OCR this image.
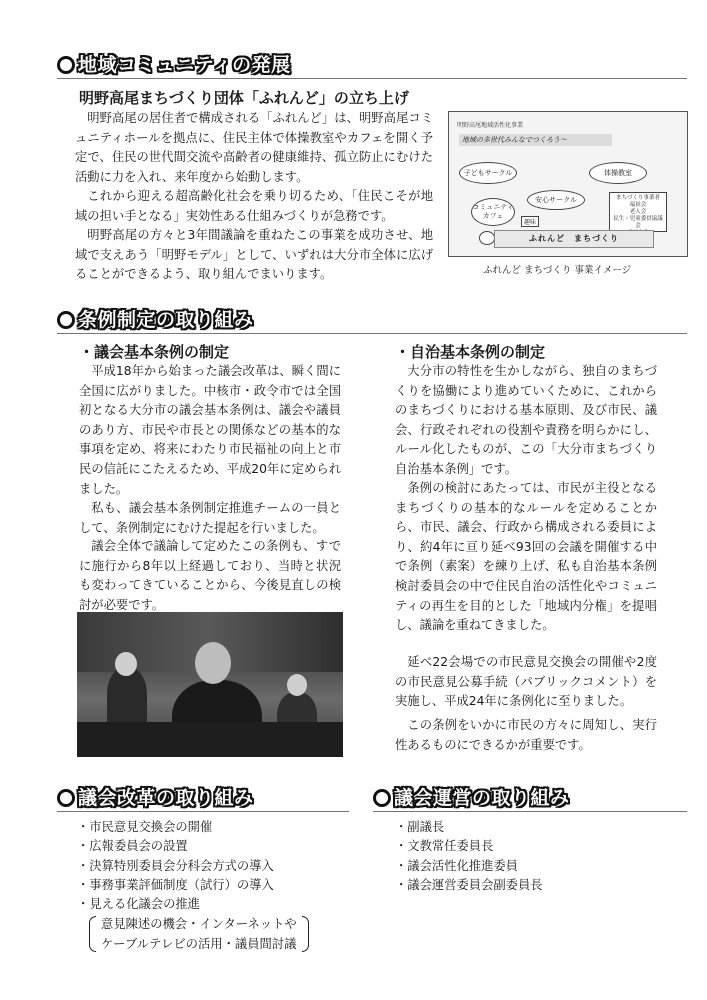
地域コミュニティの発展
明野高尾まちづくり団体「ふれんど」の立ち上げ

明野高尾の居住者で構成される「ふれんど」は、明野高尾コミュニティホールを拠点に、住民主体で体操教室やカフェを開く予定で、住民の世代間交流や高齢者の健康維持、孤立防止にむけた活動に力を入れ、来年度から始動します。

これから迎える超高齢化社会を乗り切るため、「住民こそが地域の担い手となる」実効性ある仕組みづくりが急務です。

明野高尾の方々と3年間議論を重ねたこの事業を成功させ、地域で支えあう「明野モデル」として、いずれは大分市全体に広げることができるよう、取り組んでまいります。

明野高尾地域活性化事業
地域の多世代みんなでつくろう〜
子どもサークル	体操教室
安心サークル
コミュニティ
カフェ
まちづくり事業者
福祉会
老人会
民生・児童委員協議会

趣味
ふれんど　まちづくり
ふれんど まちづくり 事業イメージ
条例制定の取り組み
・議会基本条例の制定

平成18年から始まった議会改革は、瞬く間に全国に広がりました。中核市・政令市では全国初となる大分市の議会基本条例は、議会や議員のあり方、市民や市長との関係などの基本的な事項を定め、将来にわたり市民福祉の向上と市民の信託にこたえるため、平成20年に定められました。

私も、議会基本条例制定推進チームの一員として、条例制定にむけた提起を行いました。

議会全体で議論して定めたこの条例も、すでに施行から8年以上経過しており、当時と状況も変わってきていることから、今後見直しの検討が必要です。

・自治基本条例の制定

大分市の特性を生かしながら、独自のまちづくりを協働により進めていくために、これからのまちづくりにおける基本原則、及び市民、議会、行政それぞれの役割や責務を明らかにし、ルール化したものが、この「大分市まちづくり自治基本条例」です。

条例の検討にあたっては、市民が主役となるまちづくりの基本的なルールを定めることから、市民、議会、行政から構成される委員により、約4年に亘り延べ93回の会議を開催する中で条例（素案）を練り上げ、私も自治基本条例検討委員会の中で住民自治の活性化やコミュニティの再生を目的とした「地域内分権」を提唱し、議論を重ねてきました。

延べ22会場での市民意見交換会の開催や2度の市民意見公募手続（パブリックコメント）を実施し、平成24年に条例化に至りました。

この条例をいかに市民の方々に周知し、実行性あるものにできるかが重要です。

議会改革の取り組み
・市民意見交換会の開催
・広報委員会の設置
・決算特別委員会分科会方式の導入
・事務事業評価制度（試行）の導入
・見える化議会の推進
意見陳述の機会・インターネットや
ケーブルテレビの活用・議員間討議
議会運営の取り組み
・副議長
・文教常任委員長
・議会活性化推進委員
・議会運営委員会副委員長
